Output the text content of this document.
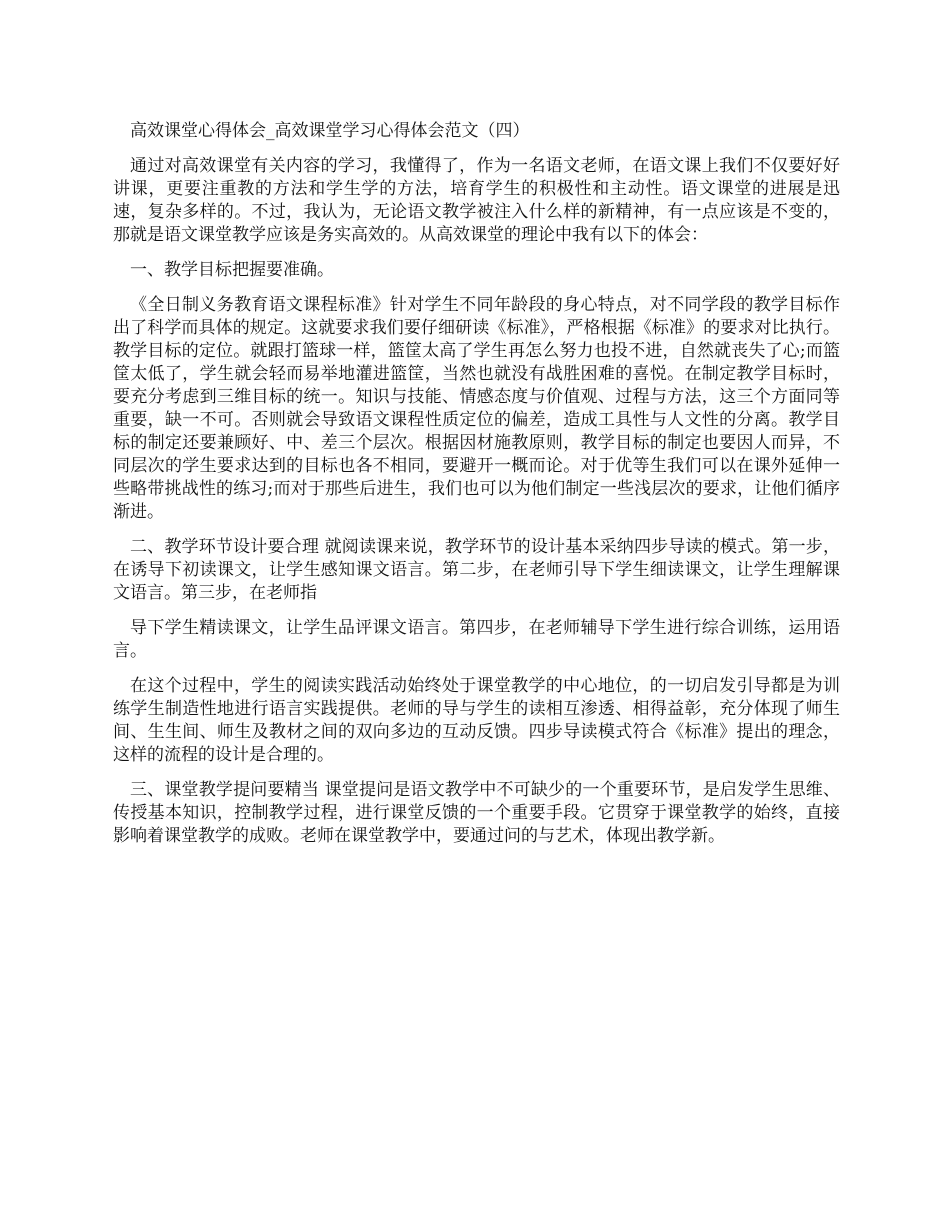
高效课堂心得体会_高效课堂学习心得体会范文（四）

通过对高效课堂有关内容的学习，我懂得了，作为一名语文老师，在语文课上我们不仅要好好讲课，更要注重教的方法和学生学的方法，培育学生的积极性和主动性。语文课堂的进展是迅速，复杂多样的。不过，我认为，无论语文教学被注入什么样的新精神，有一点应该是不变的，那就是语文课堂教学应该是务实高效的。从高效课堂的理论中我有以下的体会：

一、教学目标把握要准确。

《全日制义务教育语文课程标准》针对学生不同年龄段的身心特点，对不同学段的教学目标作出了科学而具体的规定。这就要求我们要仔细研读《标准》，严格根据《标准》的要求对比执行。教学目标的定位。就跟打篮球一样，篮筐太高了学生再怎么努力也投不进，自然就丧失了心;而篮筐太低了，学生就会轻而易举地灌进篮筐，当然也就没有战胜困难的喜悦。在制定教学目标时，要充分考虑到三维目标的统一。知识与技能、情感态度与价值观、过程与方法，这三个方面同等重要，缺一不可。否则就会导致语文课程性质定位的偏差，造成工具性与人文性的分离。教学目标的制定还要兼顾好、中、差三个层次。根据因材施教原则，教学目标的制定也要因人而异，不同层次的学生要求达到的目标也各不相同，要避开一概而论。对于优等生我们可以在课外延伸一些略带挑战性的练习;而对于那些后进生，我们也可以为他们制定一些浅层次的要求，让他们循序渐进。

二、教学环节设计要合理 就阅读课来说，教学环节的设计基本采纳四步导读的模式。第一步，在诱导下初读课文，让学生感知课文语言。第二步，在老师引导下学生细读课文，让学生理解课文语言。第三步，在老师指

导下学生精读课文，让学生品评课文语言。第四步，在老师辅导下学生进行综合训练，运用语言。

在这个过程中，学生的阅读实践活动始终处于课堂教学的中心地位，的一切启发引导都是为训练学生制造性地进行语言实践提供。老师的导与学生的读相互渗透、相得益彰，充分体现了师生间、生生间、师生及教材之间的双向多边的互动反馈。四步导读模式符合《标准》提出的理念，这样的流程的设计是合理的。

三、课堂教学提问要精当 课堂提问是语文教学中不可缺少的一个重要环节，是启发学生思维、传授基本知识，控制教学过程，进行课堂反馈的一个重要手段。它贯穿于课堂教学的始终，直接影响着课堂教学的成败。老师在课堂教学中，要通过问的与艺术，体现出教学新。
